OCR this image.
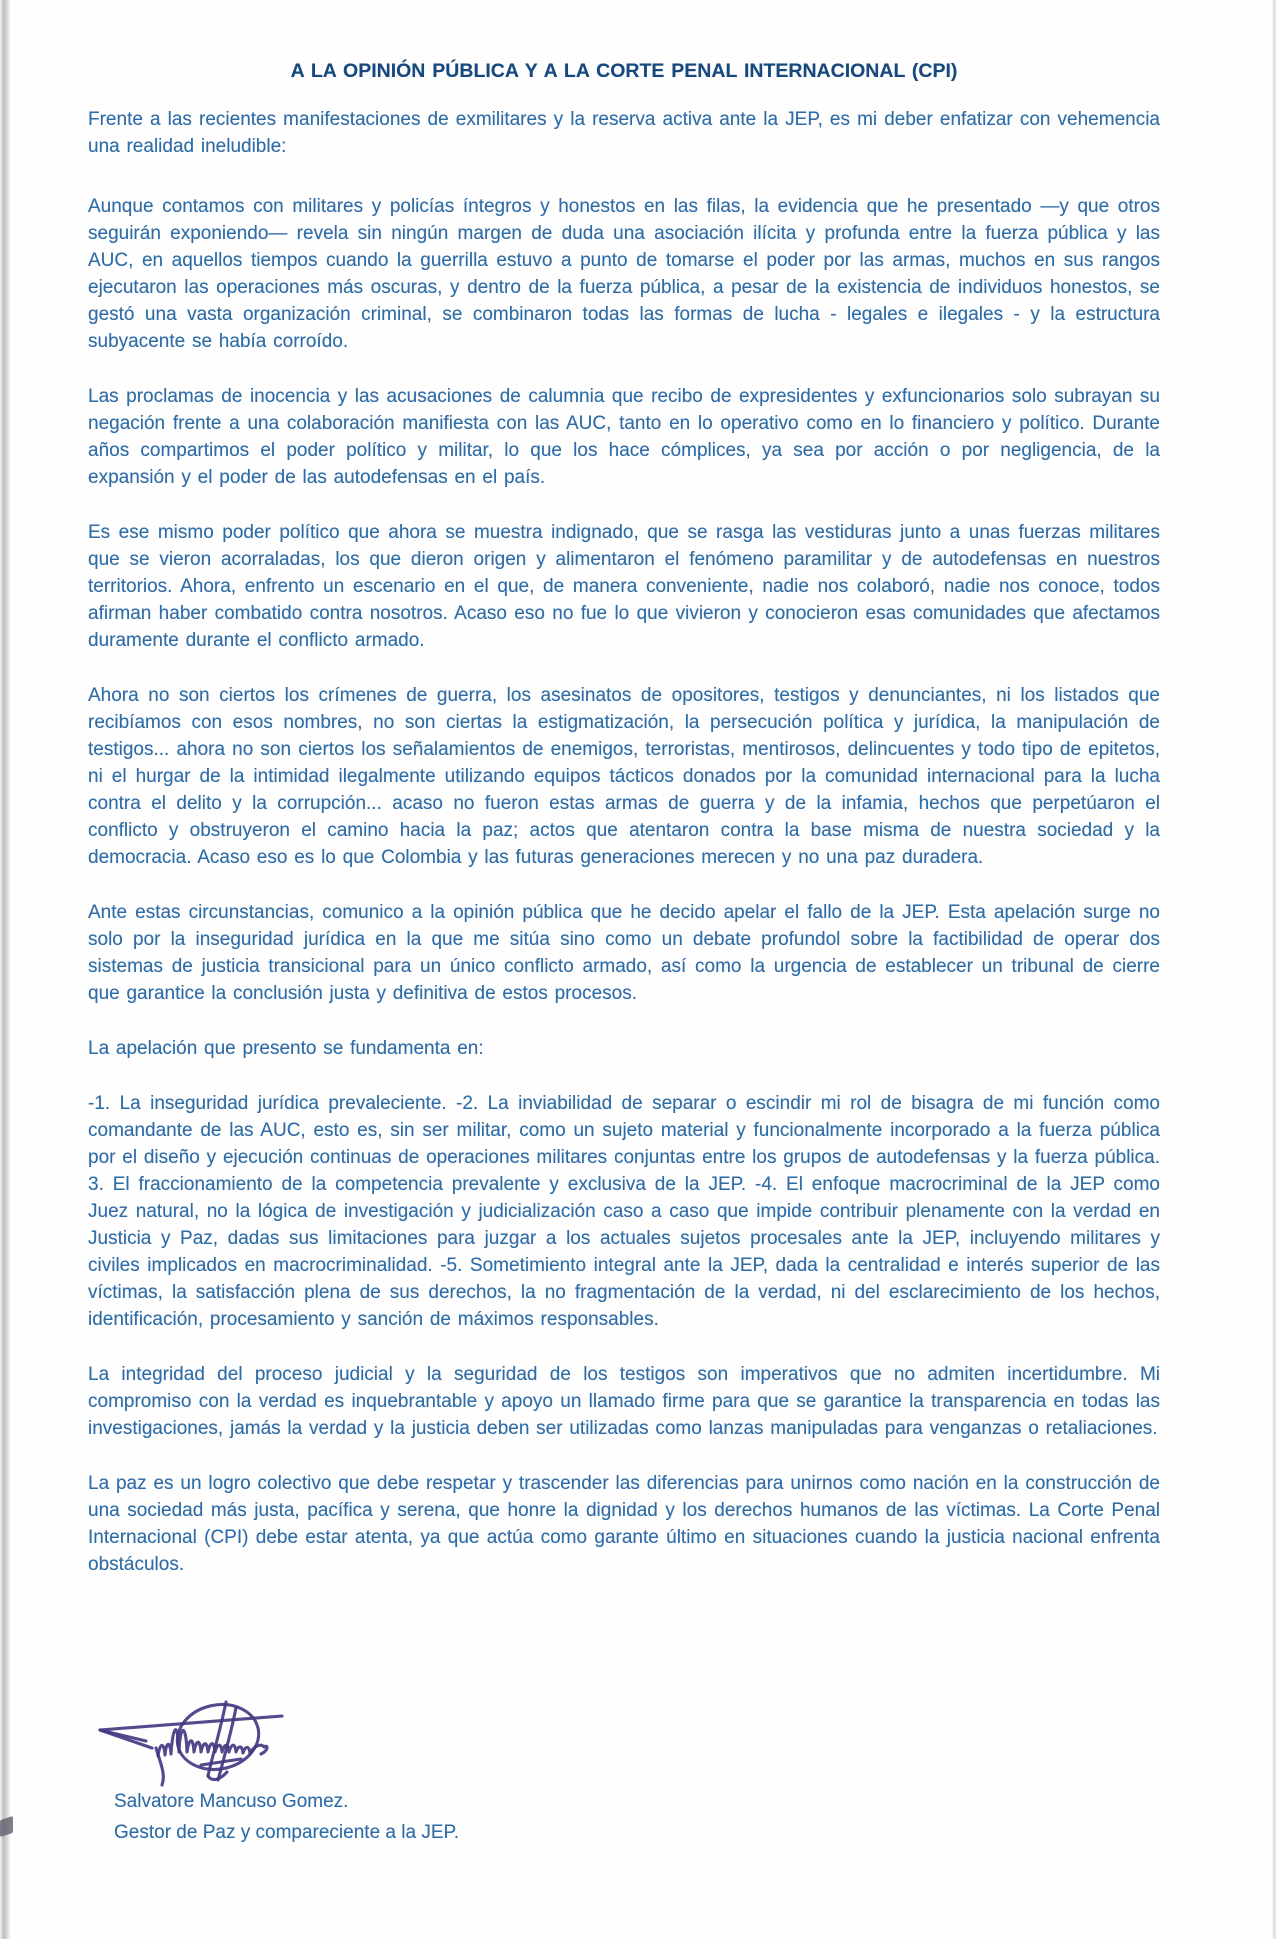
A LA OPINIÓN PÚBLICA Y A LA CORTE PENAL INTERNACIONAL (CPI)

Frente a las recientes manifestaciones de exmilitares y la reserva activa ante la JEP, es mi deber enfatizar con vehemencia una realidad ineludible:

Aunque contamos con militares y policías íntegros y honestos en las filas, la evidencia que he presentado —y que otros seguirán exponiendo— revela sin ningún margen de duda una asociación ilícita y profunda entre la fuerza pública y las AUC, en aquellos tiempos cuando la guerrilla estuvo a punto de tomarse el poder por las armas, muchos en sus rangos ejecutaron las operaciones más oscuras, y dentro de la fuerza pública, a pesar de la existencia de individuos honestos, se gestó una vasta organización criminal, se combinaron todas las formas de lucha - legales e ilegales - y la estructura subyacente se había corroído.

Las proclamas de inocencia y las acusaciones de calumnia que recibo de expresidentes y exfuncionarios solo subrayan su negación frente a una colaboración manifiesta con las AUC, tanto en lo operativo como en lo financiero y político. Durante años compartimos el poder político y militar, lo que los hace cómplices, ya sea por acción o por negligencia, de la expansión y el poder de las autodefensas en el país.

Es ese mismo poder político que ahora se muestra indignado, que se rasga las vestiduras junto a unas fuerzas militares que se vieron acorraladas, los que dieron origen y alimentaron el fenómeno paramilitar y de autodefensas en nuestros territorios. Ahora, enfrento un escenario en el que, de manera conveniente, nadie nos colaboró, nadie nos conoce, todos afirman haber combatido contra nosotros. Acaso eso no fue lo que vivieron y conocieron esas comunidades que afectamos duramente durante el conflicto armado.

Ahora no son ciertos los crímenes de guerra, los asesinatos de opositores, testigos y denunciantes, ni los listados que recibíamos con esos nombres, no son ciertas la estigmatización, la persecución política y jurídica, la manipulación de testigos... ahora no son ciertos los señalamientos de enemigos, terroristas, mentirosos, delincuentes y todo tipo de epitetos, ni el hurgar de la intimidad ilegalmente utilizando equipos tácticos donados por la comunidad internacional para la lucha contra el delito y la corrupción... acaso no fueron estas armas de guerra y de la infamia, hechos que perpetúaron el conflicto y obstruyeron el camino hacia la paz; actos que atentaron contra la base misma de nuestra sociedad y la democracia. Acaso eso es lo que Colombia y las futuras generaciones merecen y no una paz duradera.

Ante estas circunstancias, comunico a la opinión pública que he decido apelar el fallo de la JEP. Esta apelación surge no solo por la inseguridad jurídica en la que me sitúa sino como un debate profundol sobre la factibilidad de operar dos sistemas de justicia transicional para un único conflicto armado, así como la urgencia de establecer un tribunal de cierre que garantice la conclusión justa y definitiva de estos procesos.

La apelación que presento se fundamenta en:

-1. La inseguridad jurídica prevaleciente. -2. La inviabilidad de separar o escindir mi rol de bisagra de mi función como comandante de las AUC, esto es, sin ser militar, como un sujeto material y funcionalmente incorporado a la fuerza pública por el diseño y ejecución continuas de operaciones militares conjuntas entre los grupos de autodefensas y la fuerza pública. 3. El fraccionamiento de la competencia prevalente y exclusiva de la JEP. -4. El enfoque macrocriminal de la JEP como Juez natural, no la lógica de investigación y judicialización caso a caso que impide contribuir plenamente con la verdad en Justicia y Paz, dadas sus limitaciones para juzgar a los actuales sujetos procesales ante la JEP, incluyendo militares y civiles implicados en macrocriminalidad. -5. Sometimiento integral ante la JEP, dada la centralidad e interés superior de las víctimas, la satisfacción plena de sus derechos, la no fragmentación de la verdad, ni del esclarecimiento de los hechos, identificación, procesamiento y sanción de máximos responsables.

La integridad del proceso judicial y la seguridad de los testigos son imperativos que no admiten incertidumbre. Mi compromiso con la verdad es inquebrantable y apoyo un llamado firme para que se garantice la transparencia en todas las investigaciones, jamás la verdad y la justicia deben ser utilizadas como lanzas manipuladas para venganzas o retaliaciones.

La paz es un logro colectivo que debe respetar y trascender las diferencias para unirnos como nación en la construcción de una sociedad más justa, pacífica y serena, que honre la dignidad y los derechos humanos de las víctimas. La Corte Penal Internacional (CPI) debe estar atenta, ya que actúa como garante último en situaciones cuando la justicia nacional enfrenta obstáculos.

Salvatore Mancuso Gomez.

Gestor de Paz y compareciente a la JEP.
